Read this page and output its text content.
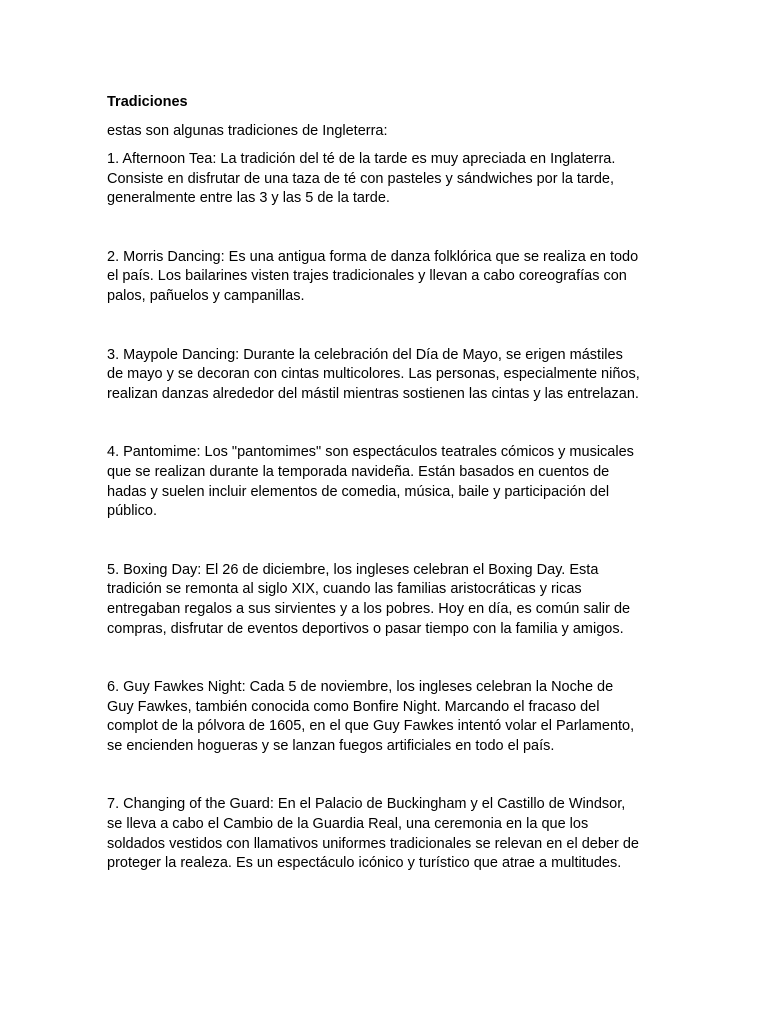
Tradiciones
estas son algunas tradiciones de Ingleterra:
1. Afternoon Tea: La tradición del té de la tarde es muy apreciada en Inglaterra.
Consiste en disfrutar de una taza de té con pasteles y sándwiches por la tarde,
generalmente entre las 3 y las 5 de la tarde.
2. Morris Dancing: Es una antigua forma de danza folklórica que se realiza en todo
el país. Los bailarines visten trajes tradicionales y llevan a cabo coreografías con
palos, pañuelos y campanillas.
3. Maypole Dancing: Durante la celebración del Día de Mayo, se erigen mástiles
de mayo y se decoran con cintas multicolores. Las personas, especialmente niños,
realizan danzas alrededor del mástil mientras sostienen las cintas y las entrelazan.
4. Pantomime: Los "pantomimes" son espectáculos teatrales cómicos y musicales
que se realizan durante la temporada navideña. Están basados en cuentos de
hadas y suelen incluir elementos de comedia, música, baile y participación del
público.
5. Boxing Day: El 26 de diciembre, los ingleses celebran el Boxing Day. Esta
tradición se remonta al siglo XIX, cuando las familias aristocráticas y ricas
entregaban regalos a sus sirvientes y a los pobres. Hoy en día, es común salir de
compras, disfrutar de eventos deportivos o pasar tiempo con la familia y amigos.
6. Guy Fawkes Night: Cada 5 de noviembre, los ingleses celebran la Noche de
Guy Fawkes, también conocida como Bonfire Night. Marcando el fracaso del
complot de la pólvora de 1605, en el que Guy Fawkes intentó volar el Parlamento,
se encienden hogueras y se lanzan fuegos artificiales en todo el país.
7. Changing of the Guard: En el Palacio de Buckingham y el Castillo de Windsor,
se lleva a cabo el Cambio de la Guardia Real, una ceremonia en la que los
soldados vestidos con llamativos uniformes tradicionales se relevan en el deber de
proteger la realeza. Es un espectáculo icónico y turístico que atrae a multitudes.
